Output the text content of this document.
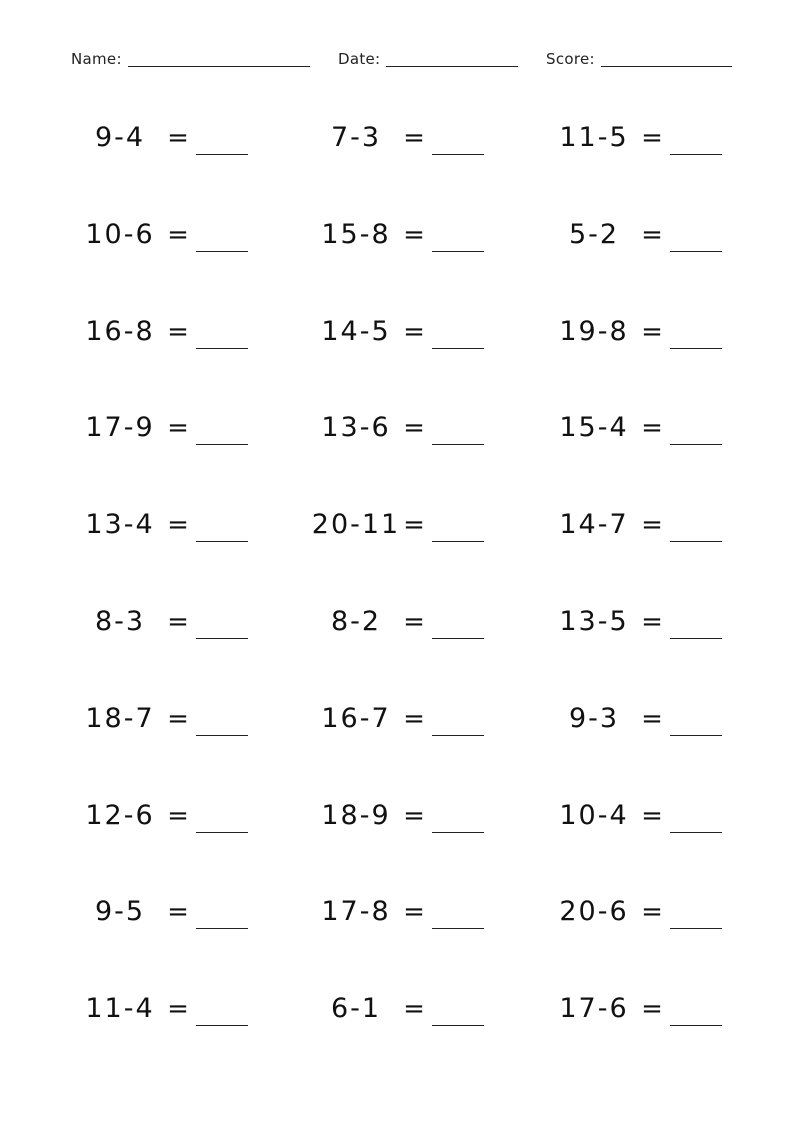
Name:	Date:	Score:
9-4 =	7-3 =	11-5 =
10-6 =	15-8 =	5-2 =
16-8 =	14-5 =	19-8 =
17-9 =	13-6 =	15-4 =
13-4 =	20-11 =	14-7 =
8-3 =	8-2 =	13-5 =
18-7 =	16-7 =	9-3 =
12-6 =	18-9 =	10-4 =
9-5 =	17-8 =	20-6 =
11-4 =	6-1 =	17-6 =
